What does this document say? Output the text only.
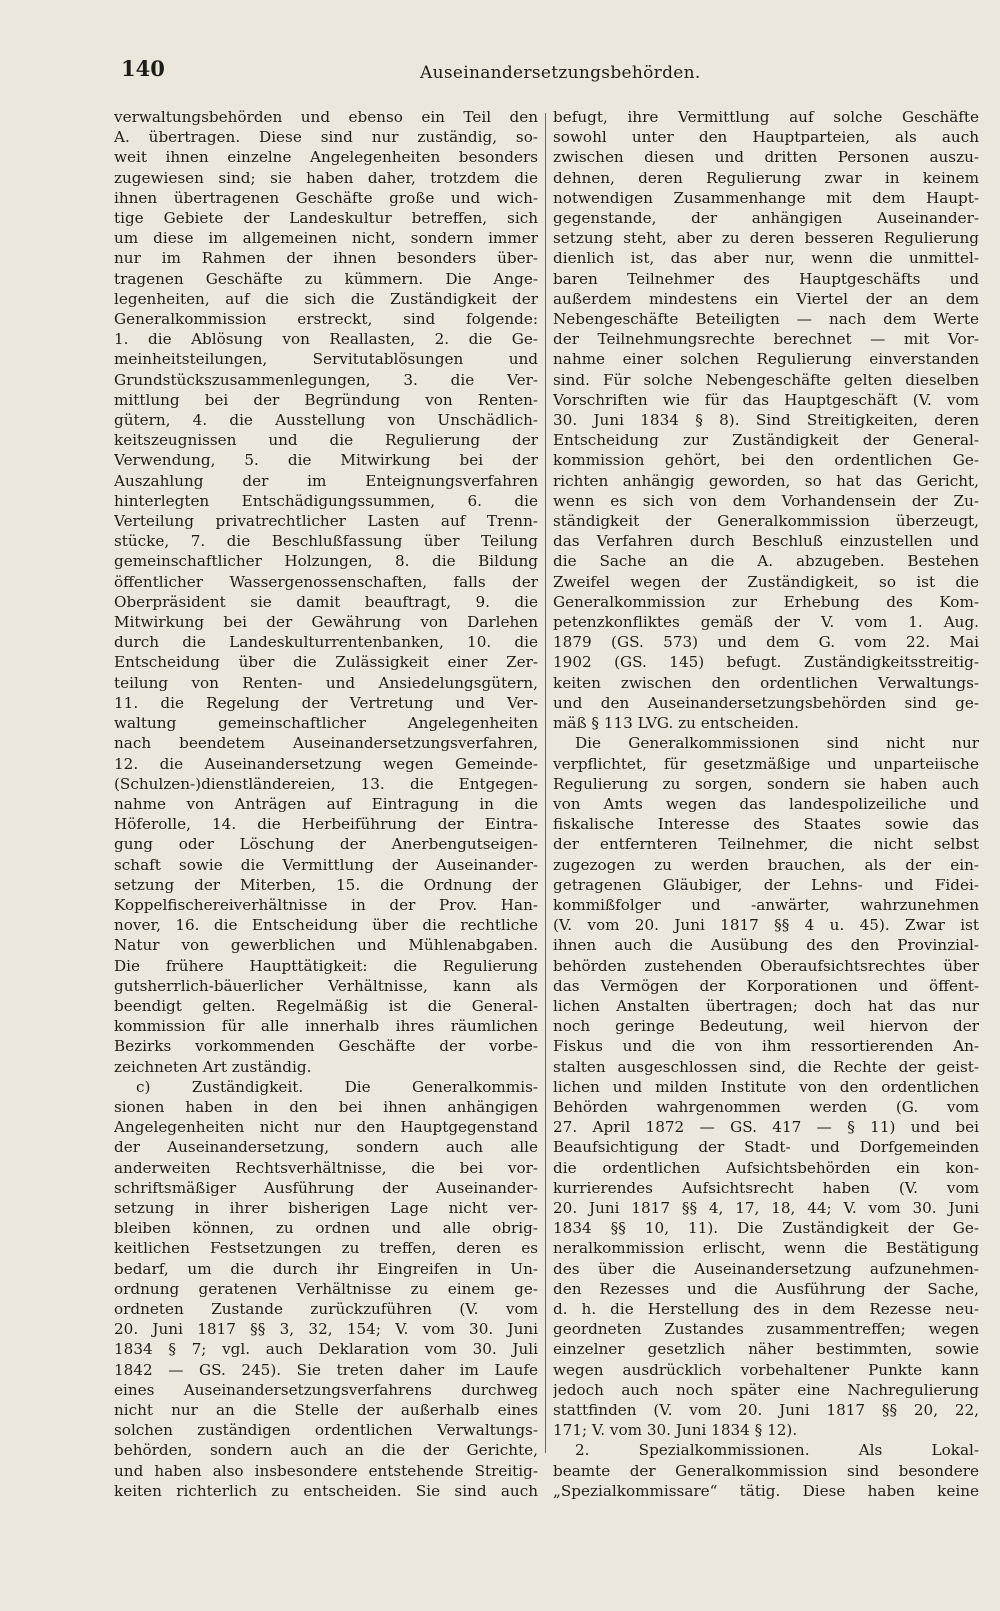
140	Auseinandersetzungsbehörden.
verwaltungsbehörden und ebenso ein Teil den
A. übertragen. Diese sind nur zuständig, so-
weit ihnen einzelne Angelegenheiten besonders
zugewiesen sind; sie haben daher, trotzdem die
ihnen übertragenen Geschäfte große und wich-
tige Gebiete der Landeskultur betreffen, sich
um diese im allgemeinen nicht, sondern immer
nur im Rahmen der ihnen besonders über-
tragenen Geschäfte zu kümmern. Die Ange-
legenheiten, auf die sich die Zuständigkeit der
Generalkommission erstreckt, sind folgende:
1. die Ablösung von Reallasten, 2. die Ge-
meinheitsteilungen, Servitutablösungen und
Grundstückszusammenlegungen, 3. die Ver-
mittlung bei der Begründung von Renten-
gütern, 4. die Ausstellung von Unschädlich-
keitszeugnissen und die Regulierung der
Verwendung, 5. die Mitwirkung bei der
Auszahlung der im Enteignungsverfahren
hinterlegten Entschädigungssummen, 6. die
Verteilung privatrechtlicher Lasten auf Trenn-
stücke, 7. die Beschlußfassung über Teilung
gemeinschaftlicher Holzungen, 8. die Bildung
öffentlicher Wassergenossenschaften, falls der
Oberpräsident sie damit beauftragt, 9. die
Mitwirkung bei der Gewährung von Darlehen
durch die Landeskulturrentenbanken, 10. die
Entscheidung über die Zulässigkeit einer Zer-
teilung von Renten- und Ansiedelungsgütern,
11. die Regelung der Vertretung und Ver-
waltung gemeinschaftlicher Angelegenheiten
nach beendetem Auseinandersetzungsverfahren,
12. die Auseinandersetzung wegen Gemeinde-
(Schulzen-)dienstländereien, 13. die Entgegen-
nahme von Anträgen auf Eintragung in die
Höferolle, 14. die Herbeiführung der Eintra-
gung oder Löschung der Anerbengutseigen-
schaft sowie die Vermittlung der Auseinander-
setzung der Miterben, 15. die Ordnung der
Koppelfischereiverhältnisse in der Prov. Han-
nover, 16. die Entscheidung über die rechtliche
Natur von gewerblichen und Mühlenabgaben.
Die frühere Haupttätigkeit: die Regulierung
gutsherrlich-bäuerlicher Verhältnisse, kann als
beendigt gelten. Regelmäßig ist die General-
kommission für alle innerhalb ihres räumlichen
Bezirks vorkommenden Geschäfte der vorbe-
zeichneten Art zuständig.
c) Zuständigkeit. Die Generalkommis-
sionen haben in den bei ihnen anhängigen
Angelegenheiten nicht nur den Hauptgegenstand
der Auseinandersetzung, sondern auch alle
anderweiten Rechtsverhältnisse, die bei vor-
schriftsmäßiger Ausführung der Auseinander-
setzung in ihrer bisherigen Lage nicht ver-
bleiben können, zu ordnen und alle obrig-
keitlichen Festsetzungen zu treffen, deren es
bedarf, um die durch ihr Eingreifen in Un-
ordnung geratenen Verhältnisse zu einem ge-
ordneten Zustande zurückzuführen (V. vom
20. Juni 1817 §§ 3, 32, 154; V. vom 30. Juni
1834 § 7; vgl. auch Deklaration vom 30. Juli
1842 — GS. 245). Sie treten daher im Laufe
eines Auseinandersetzungsverfahrens durchweg
nicht nur an die Stelle der außerhalb eines
solchen zuständigen ordentlichen Verwaltungs-
behörden, sondern auch an die der Gerichte,
und haben also insbesondere entstehende Streitig-
keiten richterlich zu entscheiden. Sie sind auch
befugt, ihre Vermittlung auf solche Geschäfte
sowohl unter den Hauptparteien, als auch
zwischen diesen und dritten Personen auszu-
dehnen, deren Regulierung zwar in keinem
notwendigen Zusammenhange mit dem Haupt-
gegenstande, der anhängigen Auseinander-
setzung steht, aber zu deren besseren Regulierung
dienlich ist, das aber nur, wenn die unmittel-
baren Teilnehmer des Hauptgeschäfts und
außerdem mindestens ein Viertel der an dem
Nebengeschäfte Beteiligten — nach dem Werte
der Teilnehmungsrechte berechnet — mit Vor-
nahme einer solchen Regulierung einverstanden
sind. Für solche Nebengeschäfte gelten dieselben
Vorschriften wie für das Hauptgeschäft (V. vom
30. Juni 1834 § 8). Sind Streitigkeiten, deren
Entscheidung zur Zuständigkeit der General-
kommission gehört, bei den ordentlichen Ge-
richten anhängig geworden, so hat das Gericht,
wenn es sich von dem Vorhandensein der Zu-
ständigkeit der Generalkommission überzeugt,
das Verfahren durch Beschluß einzustellen und
die Sache an die A. abzugeben. Bestehen
Zweifel wegen der Zuständigkeit, so ist die
Generalkommission zur Erhebung des Kom-
petenzkonfliktes gemäß der V. vom 1. Aug.
1879 (GS. 573) und dem G. vom 22. Mai
1902 (GS. 145) befugt. Zuständigkeitsstreitig-
keiten zwischen den ordentlichen Verwaltungs-
und den Auseinandersetzungsbehörden sind ge-
mäß § 113 LVG. zu entscheiden.
Die Generalkommissionen sind nicht nur
verpflichtet, für gesetzmäßige und unparteiische
Regulierung zu sorgen, sondern sie haben auch
von Amts wegen das landespolizeiliche und
fiskalische Interesse des Staates sowie das
der entfernteren Teilnehmer, die nicht selbst
zugezogen zu werden brauchen, als der ein-
getragenen Gläubiger, der Lehns- und Fidei-
kommißfolger und -anwärter, wahrzunehmen
(V. vom 20. Juni 1817 §§ 4 u. 45). Zwar ist
ihnen auch die Ausübung des den Provinzial-
behörden zustehenden Oberaufsichtsrechtes über
das Vermögen der Korporationen und öffent-
lichen Anstalten übertragen; doch hat das nur
noch geringe Bedeutung, weil hiervon der
Fiskus und die von ihm ressortierenden An-
stalten ausgeschlossen sind, die Rechte der geist-
lichen und milden Institute von den ordentlichen
Behörden wahrgenommen werden (G. vom
27. April 1872 — GS. 417 — § 11) und bei
Beaufsichtigung der Stadt- und Dorfgemeinden
die ordentlichen Aufsichtsbehörden ein kon-
kurrierendes Aufsichtsrecht haben (V. vom
20. Juni 1817 §§ 4, 17, 18, 44; V. vom 30. Juni
1834 §§ 10, 11). Die Zuständigkeit der Ge-
neralkommission erlischt, wenn die Bestätigung
des über die Auseinandersetzung aufzunehmen-
den Rezesses und die Ausführung der Sache,
d. h. die Herstellung des in dem Rezesse neu-
geordneten Zustandes zusammentreffen; wegen
einzelner gesetzlich näher bestimmten, sowie
wegen ausdrücklich vorbehaltener Punkte kann
jedoch auch noch später eine Nachregulierung
stattfinden (V. vom 20. Juni 1817 §§ 20, 22,
171; V. vom 30. Juni 1834 § 12).
2. Spezialkommissionen. Als Lokal-
beamte der Generalkommission sind besondere
„Spezialkommissare“ tätig. Diese haben keine
